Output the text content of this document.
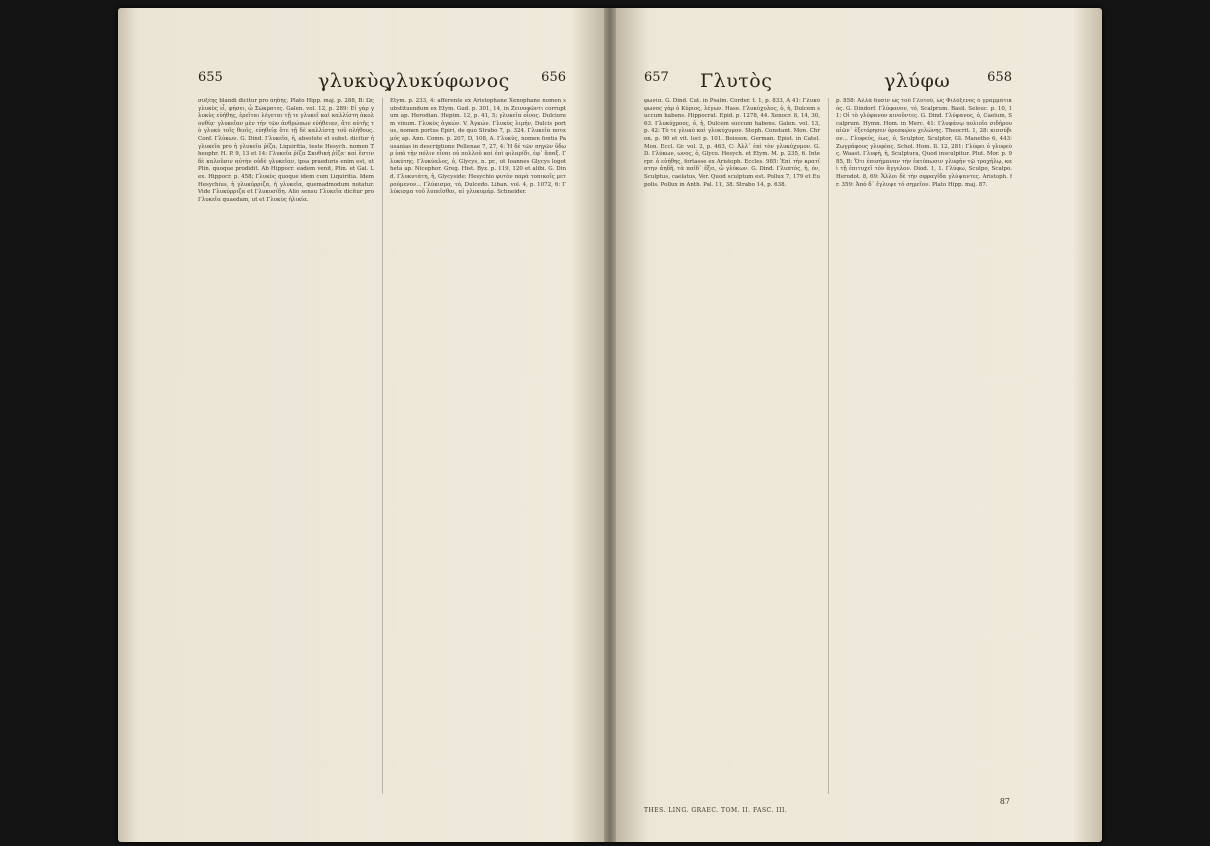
655	γλυκὺς
γλυκύφωνος 656

σὐξὲης blandi dicitur pro ἀηδὴς. Plato Hipp. maj. p. 288, B: Ὡς γλυκὺς εἶ, φήσει, ὦ Σώκρατες. Galen. vol. 12, p. 289: Εἰ γὰρ γλυκὺς εὐήθης, ἐρεῖται λέγεται τῇ τε γλυκεῖ καὶ καλλίστη ἀκολουθίᾳ· γλυκεῖαν μὲν τὴν τῶν ἀνθρώπων εὐήθειαν, ἅτε αὐτῆς τὸ γλυκὺ τοῖς θεοῖς, εὐηθείᾳ ὅτε τῇ δὲ καλλίστῃ τοῦ πλήθους. Conf. Γλύκων. G. Dind. Γλυκεῖα, ἡ, absolute et subst. dicitur ἡ γλυκεῖα pro ἡ γλυκεῖα ῥίζα, Liquiritia, teste Hesych. nomen Theophr. H. P. 9, 13 et 14: Γλυκεῖα ῥίζα Σκυθικὴ ῥίζα· καὶ ἔστιν δὲ καλοῦσιν αὐτὴν οὐδὲ γλυκεῖαν, ipsa praeduris enim est, ut Plin. quoque prodidit. Ab Hippocr. eadem venit, Plin. et Gal. Lex. Hippocr. p. 458; Γλυκὺς quoque idem cum Liquiritia. Idem Hesychius, ἡ γλυκύρριζα, ἡ γλυκεῖα, quemadmodum notatur. Vide Γλυκύρριζα et Γλυκυσίδη. Alio sensu Γλυκεῖα dicitur pro Γλυκεῖα quaedam, ut et Γλυκὺς ἡλικία.

Etym. p. 233, 4: afferente ex Aristophane Xenophane nomen substituendum ex Etym. Gud. p. 301, 14, in Ζεινοφῶντι corruptum ap. Herodian. Hepim. 12, p. 41, 5; γλυκεῖα οἶνος. Dulciorem vinum. Γλυκὺς ἀγκών. V. Ἀγκών. Γλυκὺς λιμήν, Dulcis portus, nomen portus Epiri, de quo Strabo 7, p. 324. Γλυκεῖα ποταμός ap. Ann. Comn. p. 207, D, 108, A. Γλυκύς, nomen fontis Pausanias in descriptione Pellenae 7, 27, 4: Ἡ δέ τῶν πηγῶν ὕδωρ ὑπὸ τὴν πόλιν εἶναι οὐ πολλοῦ καὶ ἐπὶ φιλαρίδι, ἐφ᾽ ἅπαξ. Γλυκύτης. Γλυκύαλος, ὁ, Glycys, n. pr., ut Ioannes Glycys logotheta ap. Nicephor. Greg. Hist. Byz. p. 119, 120 et alibi. G. Dind. Γλυκυτάτη, ἡ, Glycyside: Hesychio φυτὸν παρὰ τοπικοῖς μετρούμενον... Γλύκισμα, τό, Dulcedo. Liban. vol. 4, p. 1072, 6: Γλύκισμα τοῦ λυπεῖσθαι, αἱ γλυκυμάρ. Schneider.

657 Γλυτὸς	γλύφω	658

φωνία. G. Dind. Cat. in Psalm. Corder. t. 1, p. 833, A 41: Γλυκύφωνος γὰρ ὁ Κύριος, λέγων. Hase. Γλυκύχυλος, ὁ, ἡ, Dulcem succum habens. Hippocrat. Epid. p. 1278, 44. Xenocr. 8, 14, 30, 63. Γλυκύχροος, ὁ, ἡ, Dulcem succum habens. Galen. vol. 13, p. 42: Τὸ τε γλυκὺ καὶ γλυκύχυμον. Steph. Constant. Mon. Chron. p. 90 et vit. loci p. 101. Boisson. German. Epist. in Catel. Mon. Eccl. Gr. vol. 2, p. 463, C: Ἀλλ᾽ ἐπὶ τὸν γλυκύχυμον. G. D. Γλύκων, ωνος, ὁ, Glyco. Hesych. et Etym. M. p. 235, 6. Interpr. ὁ εὐήθης, fortasse ex Aristoph. Eccles. 985: Ἐπὶ τὴν κρατίστην ἀηδῆ, τὰ παῖδ᾽ ἕξει, ὦ γλύκων. G. Dind. Γλυπτὸς, ἡ, όν, Sculptus, caelatus, Ver. Quod sculptum est. Pollux 7, 179 et Eupolis. Pollux in Anth. Pal. 11, 38. Strabo 14, p. 638.

p. 858: Ἀλλὰ δυσὶν ὡς τοῦ Γλυτοῦ, ὡς Φιλόξενος ὁ γραμματικὸς. G. Dindorf. Γλύφανον, τό, Scalprum. Basil. Seleuc. p. 10, 11: Οἱ τὸ γλύφανον κινοῦντες. G. Dind. Γλύφανος, ὁ, Caelum, Scalprum. Hymn. Hom. in Merc. 41: Γλυφάνῳ πολιοῖο σιδήρου αἰῶν᾽ ἐξετόρησεν ὀρεσκῴου χελώνης. Theocrit. 1, 28: κισσύβιον... Γλυφεύς, έως, ὁ, Sculptor, Sculptor, Gl. Manetho 6, 443: Ζωγράφους γλυφέας. Schol. Hom. Il. 12, 281: Γλύφει ὁ γλυφεὺς. Waast. Γλυφή, ἡ, Sculptura, Quod insculpitur. Plut. Mor. p. 985, B: Ὅτι ἐπισήμαναν τὴν ἐκτύπωσιν γλυφὴν τῷ τραχήλῳ, καὶ τῇ ἐπιτυχεῖ τὸν ἄγγελον. Diod. 1, 1. Γλύφω, Sculpo, Scalpo. Herodot. 8, 69: Ἄλλοι δὲ τὴν σφραγῖδα γλύψαντες. Aristoph. fr. 359: Ἀπὸ δ᾽ ἔγλυψε τὸ σημεῖον. Plato Hipp. maj. 87.

THES. LING. GRAEC. TOM. II. FASC. III.
87
